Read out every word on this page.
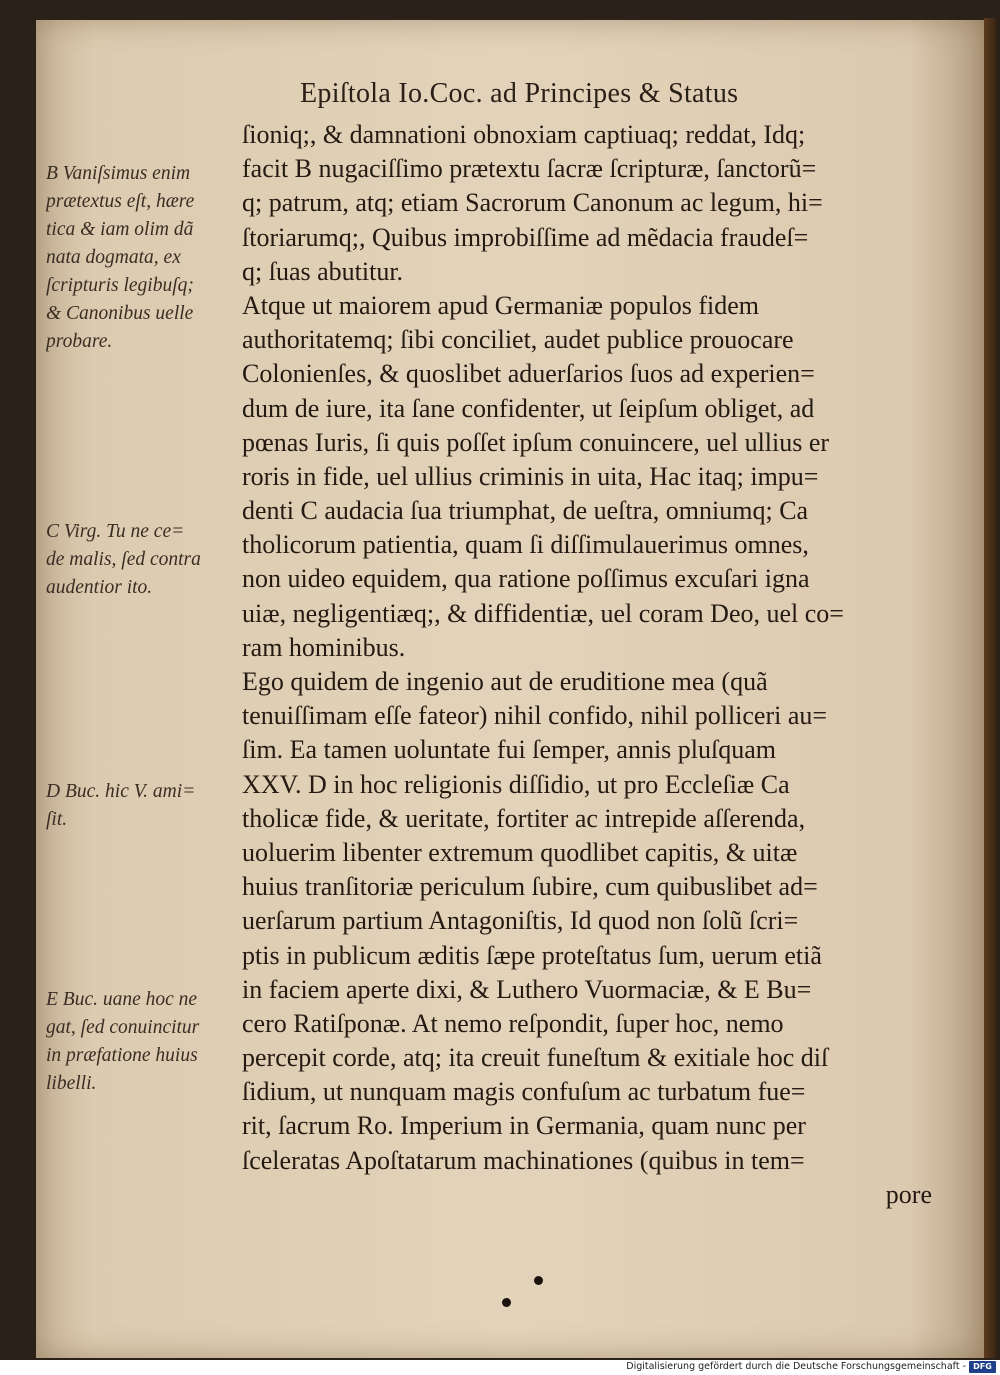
Epiſtola Io.Coc. ad Principes & Status
ſioniq;, & damnationi obnoxiam captiuaq; reddat, Idq;
facit B nugaciſſimo prætextu ſacræ ſcripturæ, ſanctorũ=
q; patrum, atq; etiam Sacrorum Canonum ac legum, hi=
ſtoriarumq;, Quibus improbiſſime ad mẽdacia fraudeſ=
q; ſuas abutitur.
Atque ut maiorem apud Germaniæ populos fidem
authoritatemq; ſibi conciliet, audet publice prouocare
Colonienſes, & quoslibet aduerſarios ſuos ad experien=
dum de iure, ita ſane confidenter, ut ſeipſum obliget, ad
pœnas Iuris, ſi quis poſſet ipſum conuincere, uel ullius er
roris in fide, uel ullius criminis in uita, Hac itaq; impu=
denti C audacia ſua triumphat, de ueſtra, omniumq; Ca
tholicorum patientia, quam ſi diſſimulauerimus omnes,
non uideo equidem, qua ratione poſſimus excuſari igna
uiæ, negligentiæq;, & diffidentiæ, uel coram Deo, uel co=
ram hominibus.
Ego quidem de ingenio aut de eruditione mea (quã
tenuiſſimam eſſe fateor) nihil confido, nihil polliceri au=
ſim. Ea tamen uoluntate fui ſemper, annis pluſquam
XXV. D in hoc religionis diſſidio, ut pro Eccleſiæ Ca
tholicæ fide, & ueritate, fortiter ac intrepide aſſerenda,
uoluerim libenter extremum quodlibet capitis, & uitæ
huius tranſitoriæ periculum ſubire, cum quibuslibet ad=
uerſarum partium Antagoniſtis, Id quod non ſolũ ſcri=
ptis in publicum æditis ſæpe proteſtatus ſum, uerum etiã
in faciem aperte dixi, & Luthero Vuormaciæ, & E Bu=
cero Ratiſponæ. At nemo reſpondit, ſuper hoc, nemo
percepit corde, atq; ita creuit funeſtum & exitiale hoc diſ
ſidium, ut nunquam magis confuſum ac turbatum fue=
rit, ſacrum Ro. Imperium in Germania, quam nunc per
ſceleratas Apoſtatarum machinationes (quibus in tem=
pore
B Vaniſsimus enim
prætextus eſt, hære
tica & iam olim dã
nata dogmata, ex
ſcripturis legibuſq;
& Canonibus uelle
probare.
C Virg. Tu ne ce=
de malis, ſed contra
audentior ito.
D Buc. hic V. ami=
ſit.
E Buc. uane hoc ne
gat, ſed conuincitur
in præfatione huius
libelli.
Digitalisierung gefördert durch die Deutsche Forschungsgemeinschaft - DFG
